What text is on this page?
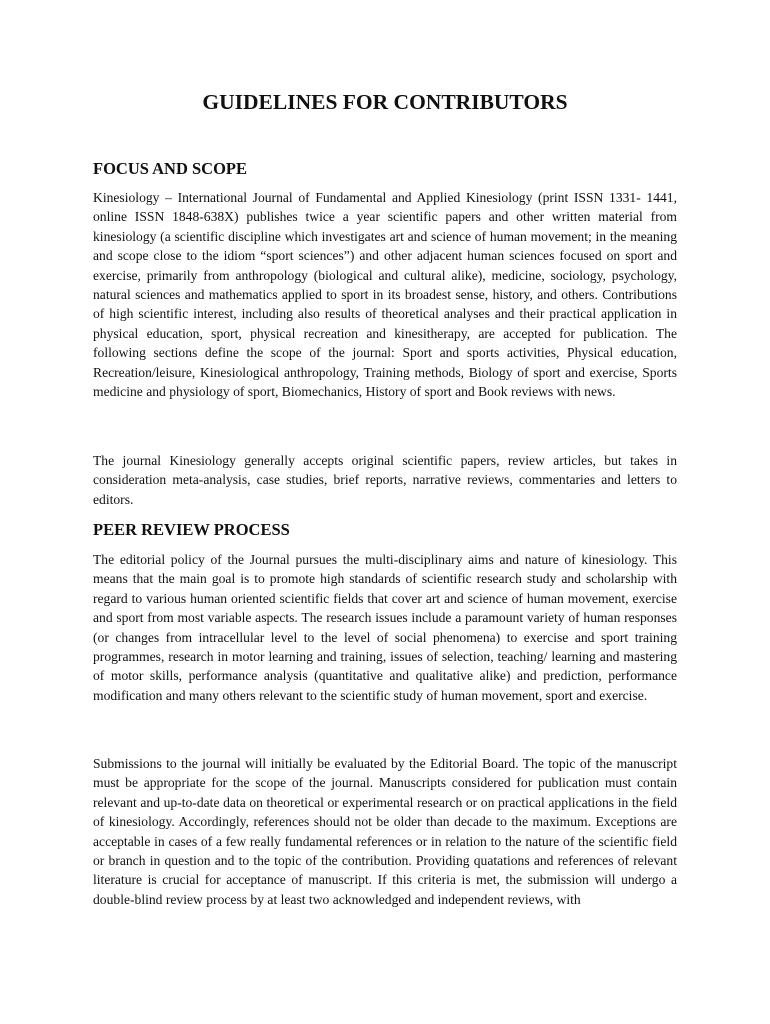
GUIDELINES FOR CONTRIBUTORS
FOCUS AND SCOPE

Kinesiology – International Journal of Fundamental and Applied Kinesiology (print ISSN 1331- 1441, online ISSN 1848-638X) publishes twice a year scientific papers and other written material from kinesiology (a scientific discipline which investigates art and science of human movement; in the meaning and scope close to the idiom “sport sciences”) and other adjacent human sciences focused on sport and exercise, primarily from anthropology (biological and cultural alike), medicine, sociology, psychology, natural sciences and mathematics applied to sport in its broadest sense, history, and others. Contributions of high scientific interest, including also results of theoretical analyses and their practical application in physical education, sport, physical recreation and kinesitherapy, are accepted for publication. The following sections define the scope of the journal: Sport and sports activities, Physical education, Recreation/leisure, Kinesiological anthropology, Training methods, Biology of sport and exercise, Sports medicine and physiology of sport, Biomechanics, History of sport and Book reviews with news.

The journal Kinesiology generally accepts original scientific papers, review articles, but takes in consideration meta-analysis, case studies, brief reports, narrative reviews, commentaries and letters to editors.

PEER REVIEW PROCESS

The editorial policy of the Journal pursues the multi-disciplinary aims and nature of kinesiology. This means that the main goal is to promote high standards of scientific research study and scholarship with regard to various human oriented scientific fields that cover art and science of human movement, exercise and sport from most variable aspects. The research issues include a paramount variety of human responses (or changes from intracellular level to the level of social phenomena) to exercise and sport training programmes, research in motor learning and training, issues of selection, teaching/ learning and mastering of motor skills, performance analysis (quantitative and qualitative alike) and prediction, performance modification and many others relevant to the scientific study of human movement, sport and exercise.

Submissions to the journal will initially be evaluated by the Editorial Board. The topic of the manuscript must be appropriate for the scope of the journal. Manuscripts considered for publication must contain relevant and up-to-date data on theoretical or experimental research or on practical applications in the field of kinesiology. Accordingly, references should not be older than decade to the maximum. Exceptions are acceptable in cases of a few really fundamental references or in relation to the nature of the scientific field or branch in question and to the topic of the contribution. Providing quatations and references of relevant literature is crucial for acceptance of manuscript. If this criteria is met, the submission will undergo a double-blind review process by at least two acknowledged and independent reviews, with
